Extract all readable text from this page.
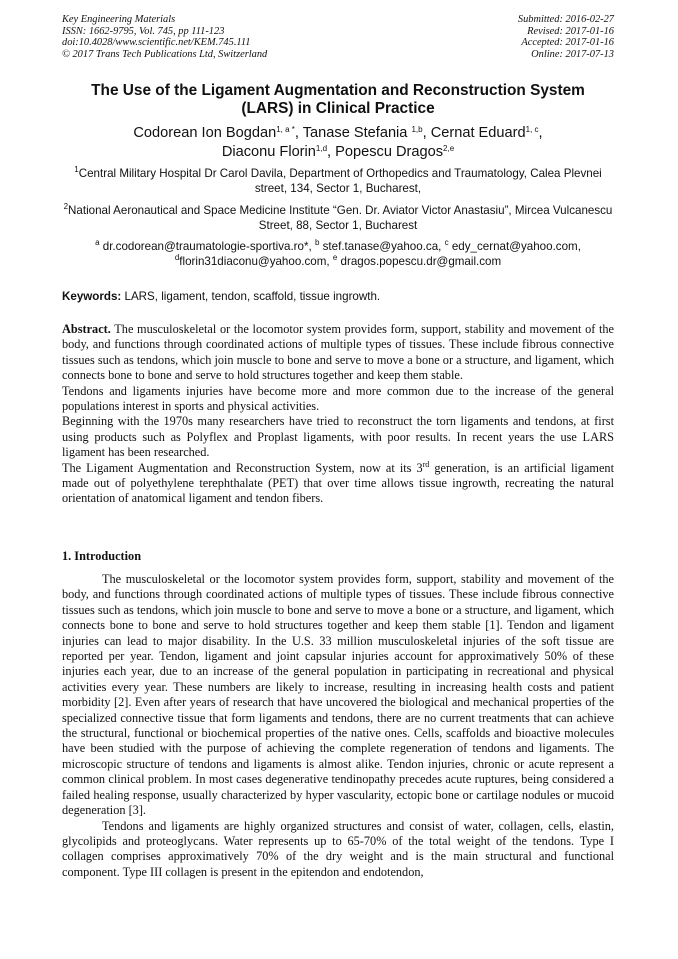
Key Engineering Materials
ISSN: 1662-9795, Vol. 745, pp 111-123
doi:10.4028/www.scientific.net/KEM.745.111
© 2017 Trans Tech Publications Ltd, Switzerland
Submitted: 2016-02-27
Revised: 2017-01-16
Accepted: 2017-01-16
Online: 2017-07-13
The Use of the Ligament Augmentation and Reconstruction System
(LARS) in Clinical Practice
Codorean Ion Bogdan$^{1, a *}$, Tanase Stefania $^{1,b}$, Cernat Eduard$^{1, c}$,
Diaconu Florin$^{1,d}$, Popescu Dragos$^{2,e}$
$^1$Central Military Hospital Dr Carol Davila, Department of Orthopedics and Traumatology, Calea Plevnei street, 134, Sector 1, Bucharest,
$^2$National Aeronautical and Space Medicine Institute “Gen. Dr. Aviator Victor Anastasiu”, Mircea Vulcanescu Street, 88, Sector 1, Bucharest
$^a$ dr.codorean@traumatologie-sportiva.ro*, $^b$ stef.tanase@yahoo.ca, $^c$ edy_cernat@yahoo.com,
$^d$florin31diaconu@yahoo.com, $^e$ dragos.popescu.dr@gmail.com
Keywords: LARS, ligament, tendon, scaffold, tissue ingrowth.

Abstract. The musculoskeletal or the locomotor system provides form, support, stability and movement of the body, and functions through coordinated actions of multiple types of tissues. These include fibrous connective tissues such as tendons, which join muscle to bone and serve to move a bone or a structure, and ligament, which connects bone to bone and serve to hold structures together and keep them stable.

Tendons and ligaments injuries have become more and more common due to the increase of the general populations interest in sports and physical activities.

Beginning with the 1970s many researchers have tried to reconstruct the torn ligaments and tendons, at first using products such as Polyflex and Proplast ligaments, with poor results. In recent years the use LARS ligament has been researched.

The Ligament Augmentation and Reconstruction System, now at its 3rd generation, is an artificial ligament made out of polyethylene terephthalate (PET) that over time allows tissue ingrowth, recreating the natural orientation of anatomical ligament and tendon fibers.

1. Introduction

The musculoskeletal or the locomotor system provides form, support, stability and movement of the body, and functions through coordinated actions of multiple types of tissues. These include fibrous connective tissues such as tendons, which join muscle to bone and serve to move a bone or a structure, and ligament, which connects bone to bone and serve to hold structures together and keep them stable [1]. Tendon and ligament injuries can lead to major disability. In the U.S. 33 million musculoskeletal injuries of the soft tissue are reported per year. Tendon, ligament and joint capsular injuries account for approximatively 50% of these injuries each year, due to an increase of the general population in participating in recreational and physical activities every year. These numbers are likely to increase, resulting in increasing health costs and patient morbidity [2]. Even after years of research that have uncovered the biological and mechanical properties of the specialized connective tissue that form ligaments and tendons, there are no current treatments that can achieve the structural, functional or biochemical properties of the native ones. Cells, scaffolds and bioactive molecules have been studied with the purpose of achieving the complete regeneration of tendons and ligaments. The microscopic structure of tendons and ligaments is almost alike. Tendon injuries, chronic or acute represent a common clinical problem. In most cases degenerative tendinopathy precedes acute ruptures, being considered a failed healing response, usually characterized by hyper vascularity, ectopic bone or cartilage nodules or mucoid degeneration [3].

Tendons and ligaments are highly organized structures and consist of water, collagen, cells, elastin, glycolipids and proteoglycans. Water represents up to 65-70% of the total weight of the tendons. Type I collagen comprises approximatively 70% of the dry weight and is the main structural and functional component. Type III collagen is present in the epitendon and endotendon,
